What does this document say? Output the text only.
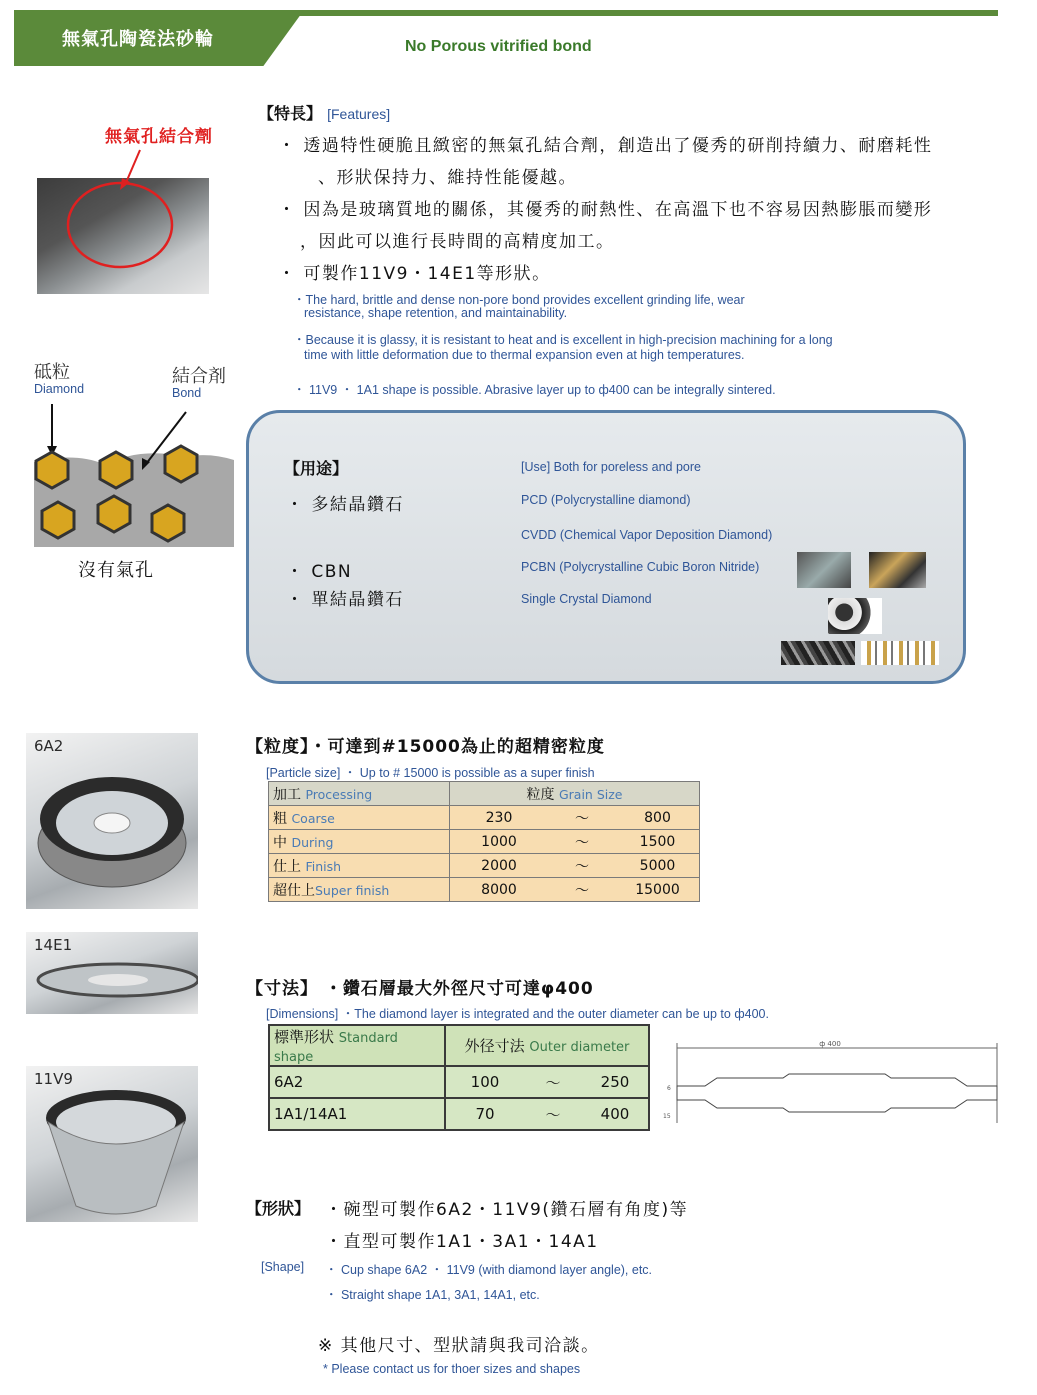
無氣孔陶瓷法砂輪	No Porous vitrified bond
無氣孔結合劑
砥粒
Diamond
結合剤
Bond
沒有氣孔
【特長】 [Features]
・ 透過特性硬脆且緻密的無氣孔結合劑，創造出了優秀的研削持續力、耐磨耗性
、形狀保持力、維持性能優越。
・ 因為是玻璃質地的關係，其優秀的耐熱性、在高溫下也不容易因熱膨脹而變形
，因此可以進行長時間的高精度加工。
・ 可製作11V9・14E1等形狀。
・The hard, brittle and dense non-pore bond provides excellent grinding life, wear
resistance, shape retention, and maintainability.
・Because it is glassy, it is resistant to heat and is excellent in high-precision machining for a long
time with little deformation due to thermal expansion even at high temperatures.
・ 11V9 ・ 1A1 shape is possible. Abrasive layer up to ф400 can be integrally sintered.
【用途】	[Use] Both for poreless and pore
・ 多結晶鑽石
・ CBN
・ 單結晶鑽石
PCD (Polycrystalline diamond)
CVDD (Chemical Vapor Deposition Diamond)
PCBN (Polycrystalline Cubic Boron Nitride)
Single Crystal Diamond
6A2
14E1
11V9
【粒度】・可達到#15000為止的超精密粒度
[Particle size] ・ Up to # 15000 is possible as a super finish
加工 Processing	粒度 Grain Size		
粗 Coarse	230	～	800
中 During	1000	～	1500
仕上 Finish	2000	～	5000
超仕上Super finish	8000	～	15000
【寸法】 ・鑽石層最大外徑尺寸可達φ400
[Dimensions] ・The diamond layer is integrated and the outer diameter can be up to ф400.
標準形状 Standard shape	外径寸法 Outer diameter		
6A2	100	～	250
1A1/14A1	70	～	400
ф 400
6
15
【形狀】 ・碗型可製作6A2・11V9(鑽石層有角度)等
・直型可製作1A1・3A1・14A1
[Shape] ・ Cup shape 6A2 ・ 11V9 (with diamond layer angle), etc.
・ Straight shape 1A1, 3A1, 14A1, etc.
※ 其他尺寸、型狀請與我司洽談。
* Please contact us for thoer sizes and shapes
